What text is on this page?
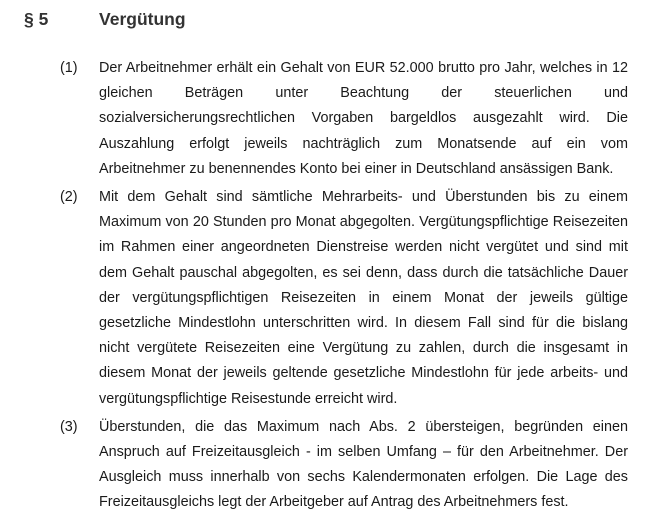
§ 5	Vergütung
(1)	Der Arbeitnehmer erhält ein Gehalt von EUR 52.000 brutto pro Jahr, welches in 12 gleichen Beträgen unter Beachtung der steuerlichen und sozialversicherungsrechtlichen Vorgaben bargeldlos ausgezahlt wird. Die Auszahlung erfolgt jeweils nachträglich zum Monatsende auf ein vom Arbeitnehmer zu benennendes Konto bei einer in Deutschland ansässigen Bank.
(2)	Mit dem Gehalt sind sämtliche Mehrarbeits- und Überstunden bis zu einem Maximum von 20 Stunden pro Monat abgegolten. Vergütungspflichtige Reisezeiten im Rahmen einer angeordneten Dienstreise werden nicht vergütet und sind mit dem Gehalt pauschal abgegolten, es sei denn, dass durch die tatsächliche Dauer der vergütungspflichtigen Reisezeiten in einem Monat der jeweils gültige gesetzliche Mindestlohn unterschritten wird. In diesem Fall sind für die bislang nicht vergütete Reisezeiten eine Vergütung zu zahlen, durch die insgesamt in diesem Monat der jeweils geltende gesetzliche Mindestlohn für jede arbeits- und vergütungspflichtige Reisestunde erreicht wird.
(3)	Überstunden, die das Maximum nach Abs. 2 übersteigen, begründen einen Anspruch auf Freizeitausgleich - im selben Umfang – für den Arbeitnehmer. Der Ausgleich muss innerhalb von sechs Kalendermonaten erfolgen. Die Lage des Freizeitausgleichs legt der Arbeitgeber auf Antrag des Arbeitnehmers fest.
